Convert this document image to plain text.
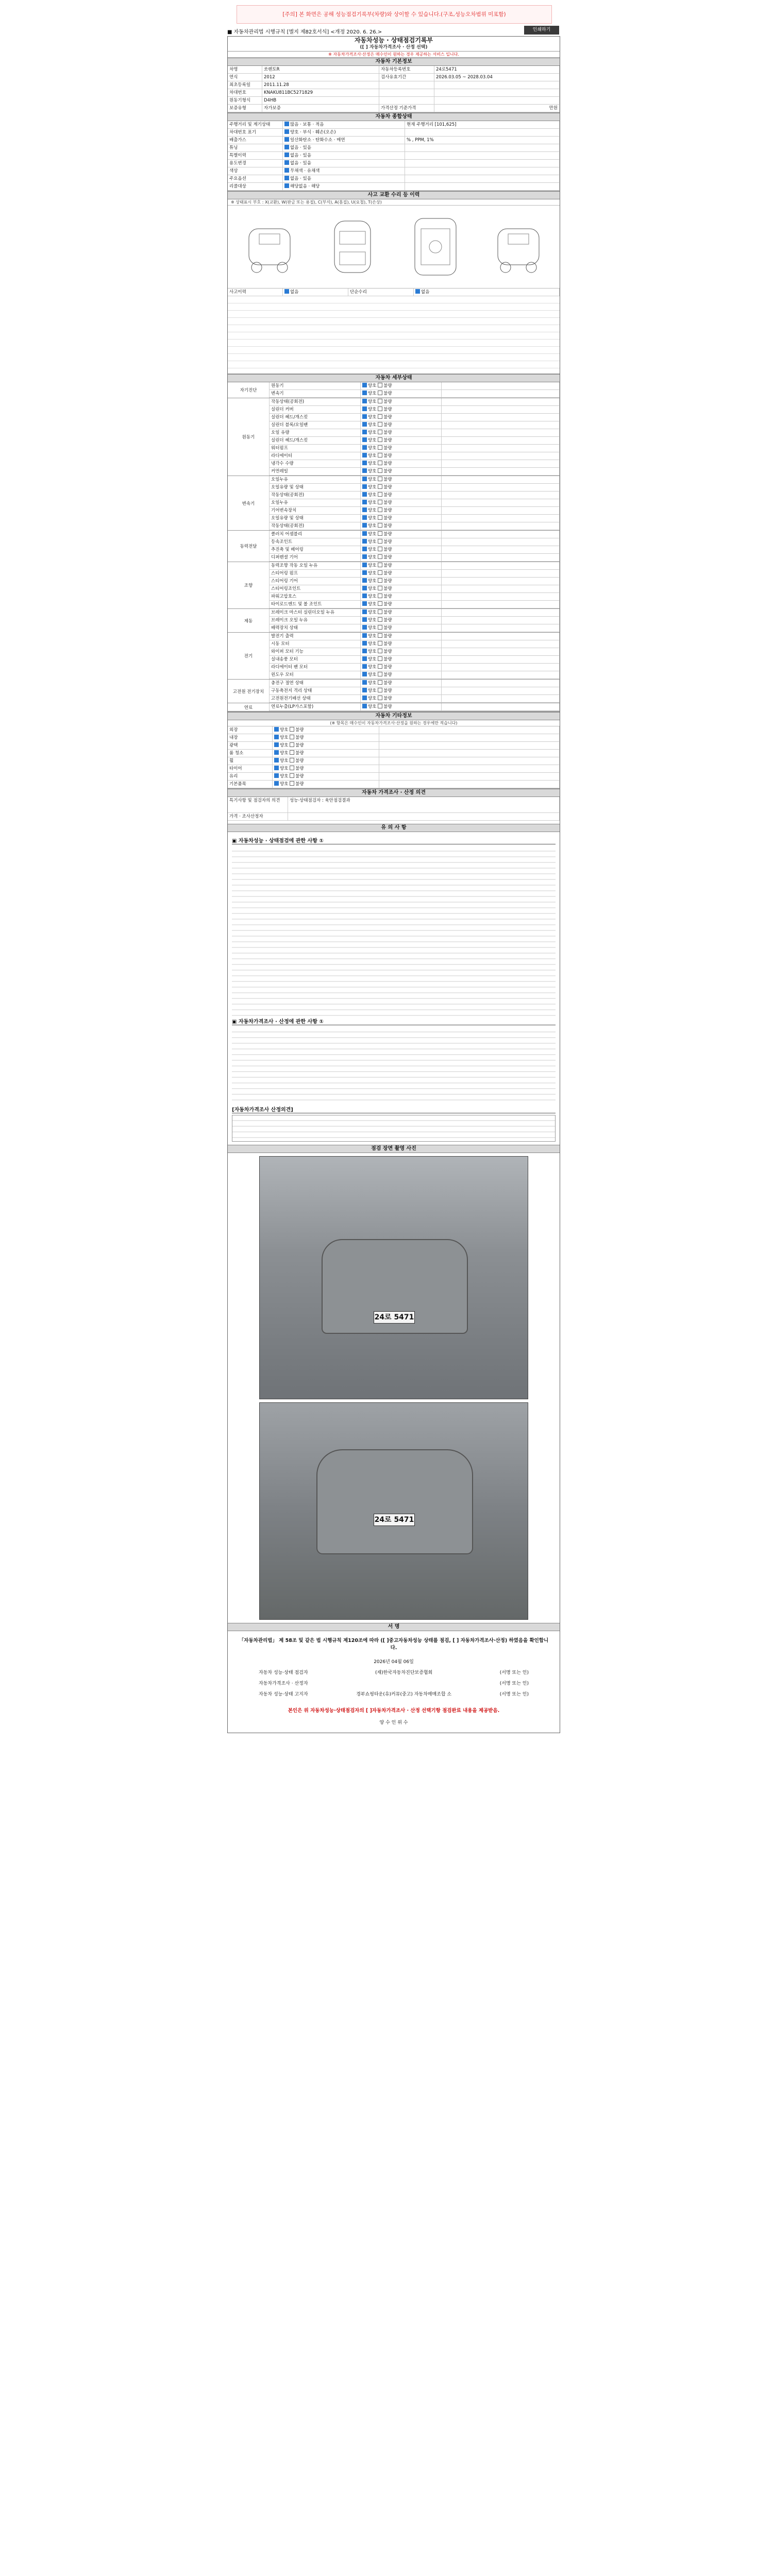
[주의] 본 화면은 공해 성능점검기록부(차량)와 상이할 수 있습니다.(구조,성능오차범위 미포함)
■ 자동차관리법 시행규칙 [별지 제82호서식] <개정 2020. 6. 26.>	인쇄하기
자동차성능 · 상태점검기록부
([ ] 자동차가격조사 · 산정 선택)
※ 자동차가격조사·산정은 매수인이 원하는 경우 제공하는 서비스 입니다.
자동차 기본정보
차명	쏘렌토R	자동차등록번호	24로5471
연식	2012	검사유효기간	2026.03.05 ~ 2028.03.04
최초등록일	2011.11.28
차대번호	KNAKU811BC5271829
원동기형식	D4HB
보증유형	자가보증	가격산정 기준가격	만원
자동차 종합상태
주행거리 및 계기상태	많음 · 보통 · 적음	현재 주행거리 [101,625]
차대번호 표기	양호 · 부식 · 훼손(오손)
배출가스	일산화탄소 · 탄화수소 · 매연	% , PPM, 1%
튜닝	없음 · 있음
특별이력	없음 · 있음
용도변경	없음 · 있음
색상	무채색 · 유채색
주요옵션	없음 · 있음
리콜대상	해당없음 · 해당
사고 교환 수리 등 이력
※ 상태표시 부호 : X(교환), W(판금 또는 용접), C(부식), A(흠집), U(요철), T(손상)
사고이력	없음	단순수리	없음
자동차 세부상태
자기진단
원동기	양호 불량
변속기	양호 불량
원동기
작동상태(공회전)	양호 불량
실린더 커버	양호 불량
실린더 헤드/개스킷	양호 불량
실린더 블록/오일팬	양호 불량
오일 유량	양호 불량
실린더 헤드/개스킷	양호 불량
워터펌프	양호 불량
라디에이터	양호 불량
냉각수 수량	양호 불량
커먼레일	양호 불량
변속기
오일누유	양호 불량
오일유량 및 상태	양호 불량
작동상태(공회전)	양호 불량
오일누유	양호 불량
기어변속장치	양호 불량
오일유량 및 상태	양호 불량
작동상태(공회전)	양호 불량
동력전달
클러치 어셈블리	양호 불량
등속조인트	양호 불량
추진축 및 베어링	양호 불량
디퍼렌셜 기어	양호 불량
조향
동력조향 작동 오일 누유	양호 불량
스티어링 펌프	양호 불량
스티어링 기어	양호 불량
스티어링조인트	양호 불량
파워고압호스	양호 불량
타이로드엔드 및 볼 조인트	양호 불량
제동
브레이크 마스터 실린더오일 누유	양호 불량
브레이크 오일 누유	양호 불량
배력장치 상태	양호 불량
전기
발전기 출력	양호 불량
시동 모터	양호 불량
와이퍼 모터 기능	양호 불량
실내송풍 모터	양호 불량
라디에이터 팬 모터	양호 불량
윈도우 모터	양호 불량
고전원 전기장치
충전구 절연 상태	양호 불량
구동축전지 격리 상태	양호 불량
고전원전기배선 상태	양호 불량
연료	연료누출(LP가스포함)	양호 불량
자동차 기타정보
(※ 항목은 매수인이 자동차가격조사·산정을 원하는 경우에만 적습니다)
외장	양호 불량
내장	양호 불량
광택	양호 불량
룸 청소	양호 불량
휠	양호 불량
타이어	양호 불량
유리	양호 불량
기본품목	양호 불량
자동차 가격조사 · 산정 의견
특기사항 및 점검자의 의견	성능·상태점검자 : 육안점검결과
가격 · 조사산정자
유 의 사 항
▣ 자동차성능 · 상태점검에 관한 사항 ①
▣ 자동차가격조사 · 산정에 관한 사항 ①
[자동차가격조사 산정의견]
점검 장면 촬영 사진
24로 5471
24로 5471
서 명
「자동차관리법」 제 58조 및 같은 법 시행규칙 제120조에 따라 ([ ]중고자동차성능 상태를 점검, [ ] 자동차가격조사·산정) 하였음을 확인합니다.
2026년 04월 06일
자동차 성능·상태 점검자	(재)한국자동차진단보증협회	(서명 또는 인)
자동차가격조사 · 산정자	(서명 또는 인)
자동차 성능·상태 고지자	경부쇼핑타운(유)커뮤(중고) 자동차매매조합 소	(서명 또는 인)
본인은 위 자동차성능·상태점검자의 [ ]자동차가격조사 · 산정 선택기항 점검완료 내용을 제공받음.
양 수 인 위 수
